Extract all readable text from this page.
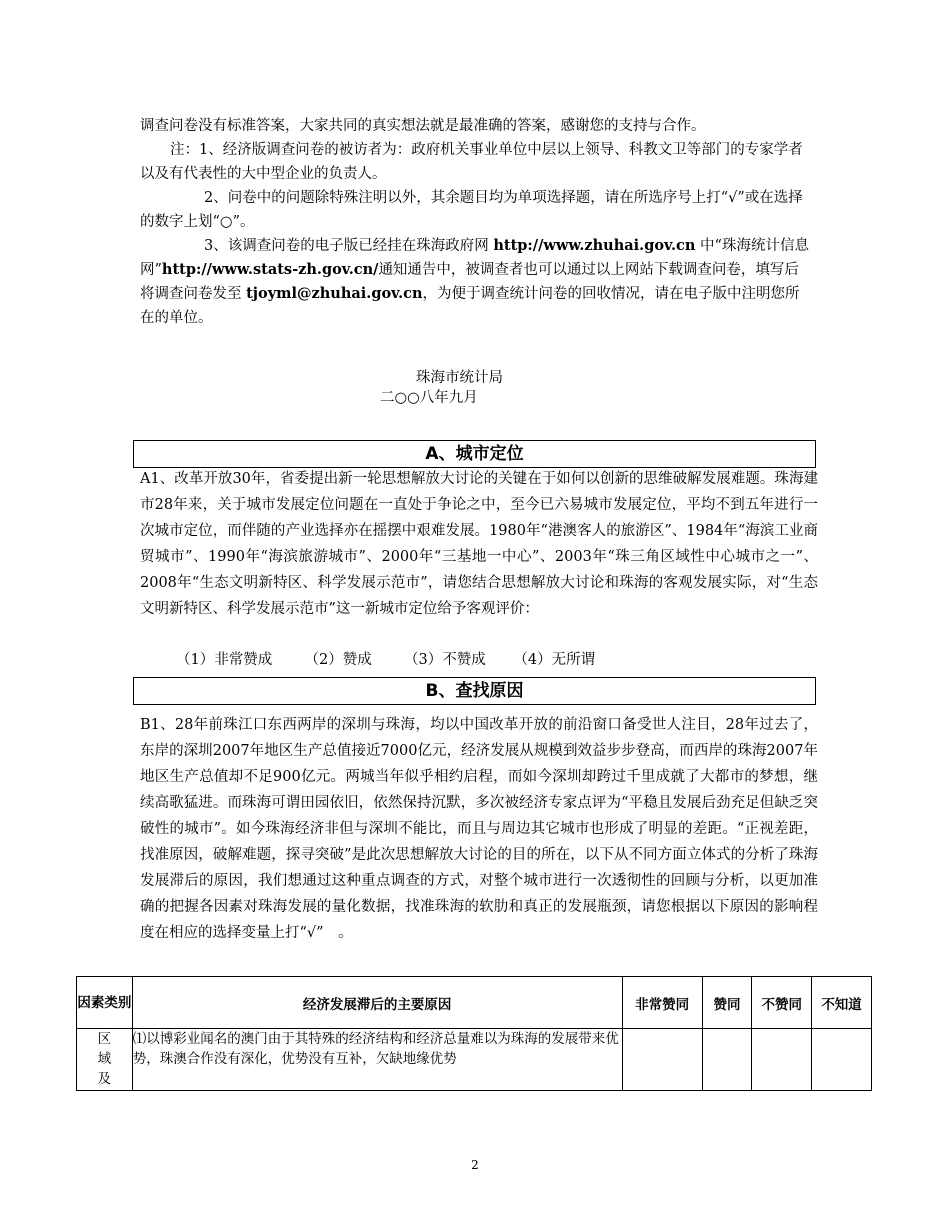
调查问卷没有标准答案，大家共同的真实想法就是最准确的答案，感谢您的支持与合作。

注：1、经济版调查问卷的被访者为：政府机关事业单位中层以上领导、科教文卫等部门的专家学者以及有代表性的大中型企业的负责人。

2、问卷中的问题除特殊注明以外，其余题目均为单项选择题，请在所选序号上打“√”或在选择的数字上划“○”。

3、该调查问卷的电子版已经挂在珠海政府网 http://www.zhuhai.gov.cn 中“珠海统计信息网”http://www.stats-zh.gov.cn/通知通告中，被调查者也可以通过以上网站下载调查问卷，填写后将调查问卷发至 tjoyml@zhuhai.gov.cn，为便于调查统计问卷的回收情况，请在电子版中注明您所在的单位。

珠海市统计局
二○○八年九月
A、城市定位

A1、改革开放30年，省委提出新一轮思想解放大讨论的关键在于如何以创新的思维破解发展难题。珠海建市28年来，关于城市发展定位问题在一直处于争论之中，至今已六易城市发展定位，平均不到五年进行一次城市定位，而伴随的产业选择亦在摇摆中艰难发展。1980年“港澳客人的旅游区”、1984年“海滨工业商贸城市”、1990年“海滨旅游城市”、2000年“三基地一中心”、2003年“珠三角区域性中心城市之一”、2008年“生态文明新特区、科学发展示范市”，请您结合思想解放大讨论和珠海的客观发展实际，对“生态文明新特区、科学发展示范市”这一新城市定位给予客观评价：

（1）非常赞成 （2）赞成 （3）不赞成 （4）无所谓
B、查找原因

B1、28年前珠江口东西两岸的深圳与珠海，均以中国改革开放的前沿窗口备受世人注目，28年过去了，东岸的深圳2007年地区生产总值接近7000亿元，经济发展从规模到效益步步登高，而西岸的珠海2007年地区生产总值却不足900亿元。两城当年似乎相约启程，而如今深圳却跨过千里成就了大都市的梦想，继续高歌猛进。而珠海可谓田园依旧，依然保持沉默，多次被经济专家点评为“平稳且发展后劲充足但缺乏突破性的城市”。如今珠海经济非但与深圳不能比，而且与周边其它城市也形成了明显的差距。“正视差距，找准原因，破解难题，探寻突破”是此次思想解放大讨论的目的所在，以下从不同方面立体式的分析了珠海发展滞后的原因，我们想通过这种重点调查的方式，对整个城市进行一次透彻性的回顾与分析，以更加准确的把握各因素对珠海发展的量化数据，找准珠海的软肋和真正的发展瓶颈，请您根据以下原因的影响程度在相应的选择变量上打“√”　。

因素类别	经济发展滞后的主要原因	非常赞同	赞同	不赞同	不知道
区域及	⑴以博彩业闻名的澳门由于其特殊的经济结构和经济总量难以为珠海的发展带来优势，珠澳合作没有深化，优势没有互补，欠缺地缘优势				
2
